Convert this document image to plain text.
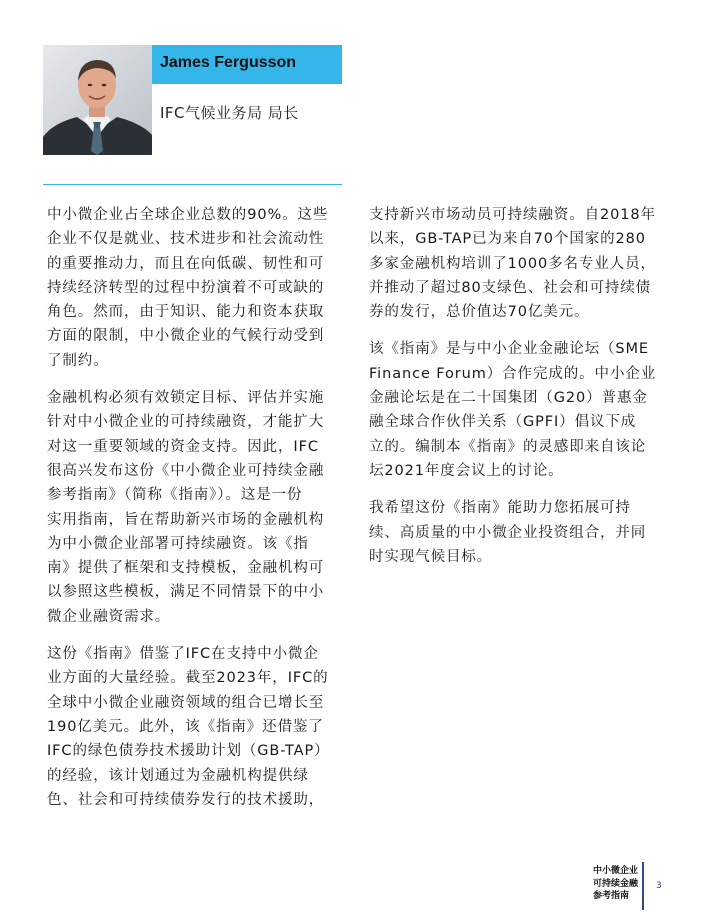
James Fergusson
IFC气候业务局 局长

中小微企业占全球企业总数的90%。这些
企业不仅是就业、技术进步和社会流动性
的重要推动力，而且在向低碳、韧性和可
持续经济转型的过程中扮演着不可或缺的
角色。然而，由于知识、能力和资本获取
方面的限制，中小微企业的气候行动受到
了制约。

金融机构必须有效锁定目标、评估并实施
针对中小微企业的可持续融资，才能扩大
对这一重要领域的资金支持。因此，IFC
很高兴发布这份《中小微企业可持续金融
参考指南》（简称《指南》）。这是一份
实用指南，旨在帮助新兴市场的金融机构
为中小微企业部署可持续融资。该《指
南》提供了框架和支持模板，金融机构可
以参照这些模板，满足不同情景下的中小
微企业融资需求。

这份《指南》借鉴了IFC在支持中小微企
业方面的大量经验。截至2023年，IFC的
全球中小微企业融资领域的组合已增长至
190亿美元。此外，该《指南》还借鉴了
IFC的绿色债券技术援助计划（GB-TAP）
的经验，该计划通过为金融机构提供绿
色、社会和可持续债券发行的技术援助，

支持新兴市场动员可持续融资。自2018年
以来，GB-TAP已为来自70个国家的280
多家金融机构培训了1000多名专业人员，
并推动了超过80支绿色、社会和可持续债
券的发行，总价值达70亿美元。

该《指南》是与中小企业金融论坛（SME
Finance Forum）合作完成的。中小企业
金融论坛是在二十国集团（G20）普惠金
融全球合作伙伴关系（GPFI）倡议下成
立的。编制本《指南》的灵感即来自该论
坛2021年度会议上的讨论。

我希望这份《指南》能助力您拓展可持
续、高质量的中小微企业投资组合，并同
时实现气候目标。

中小微企业
可持续金融
参考指南
3
